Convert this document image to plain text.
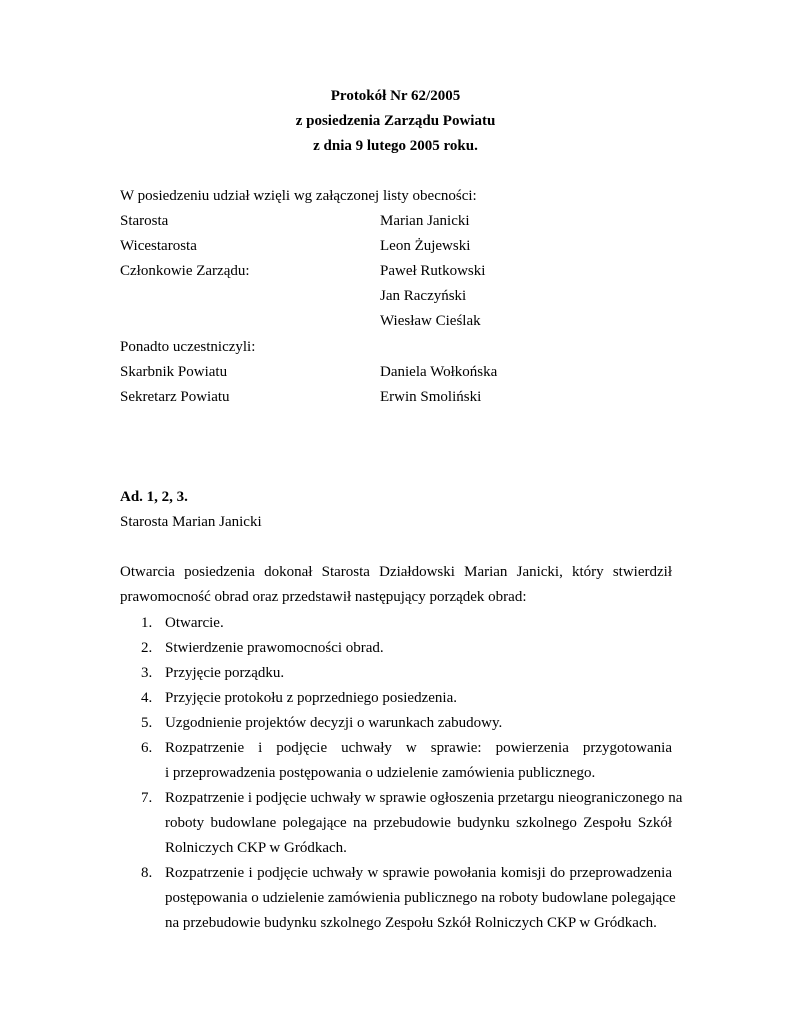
Protokół Nr 62/2005
z posiedzenia Zarządu Powiatu
z dnia 9 lutego 2005 roku.
W posiedzeniu udział wzięli wg załączonej listy obecności:
Starosta	Marian Janicki
Wicestarosta	Leon Żujewski
Członkowie Zarządu:	Paweł Rutkowski
Jan Raczyński
Wiesław Cieślak
Ponadto uczestniczyli:
Skarbnik Powiatu	Daniela Wołkońska
Sekretarz Powiatu	Erwin Smoliński
Ad. 1, 2, 3.
Starosta Marian Janicki
Otwarcia posiedzenia dokonał Starosta Działdowski Marian Janicki, który stwierdził
prawomocność obrad oraz przedstawił następujący porządek obrad:
1. Otwarcie.
2. Stwierdzenie prawomocności obrad.
3. Przyjęcie porządku.
4. Przyjęcie protokołu z poprzedniego posiedzenia.
5. Uzgodnienie projektów decyzji o warunkach zabudowy.
6. Rozpatrzenie i podjęcie uchwały w sprawie: powierzenia przygotowania
i przeprowadzenia postępowania o udzielenie zamówienia publicznego.
7. Rozpatrzenie i podjęcie uchwały w sprawie ogłoszenia przetargu nieograniczonego na
roboty budowlane polegające na przebudowie budynku szkolnego Zespołu Szkół
Rolniczych CKP w Gródkach.
8. Rozpatrzenie i podjęcie uchwały w sprawie powołania komisji do przeprowadzenia
postępowania o udzielenie zamówienia publicznego na roboty budowlane polegające
na przebudowie budynku szkolnego Zespołu Szkół Rolniczych CKP w Gródkach.
